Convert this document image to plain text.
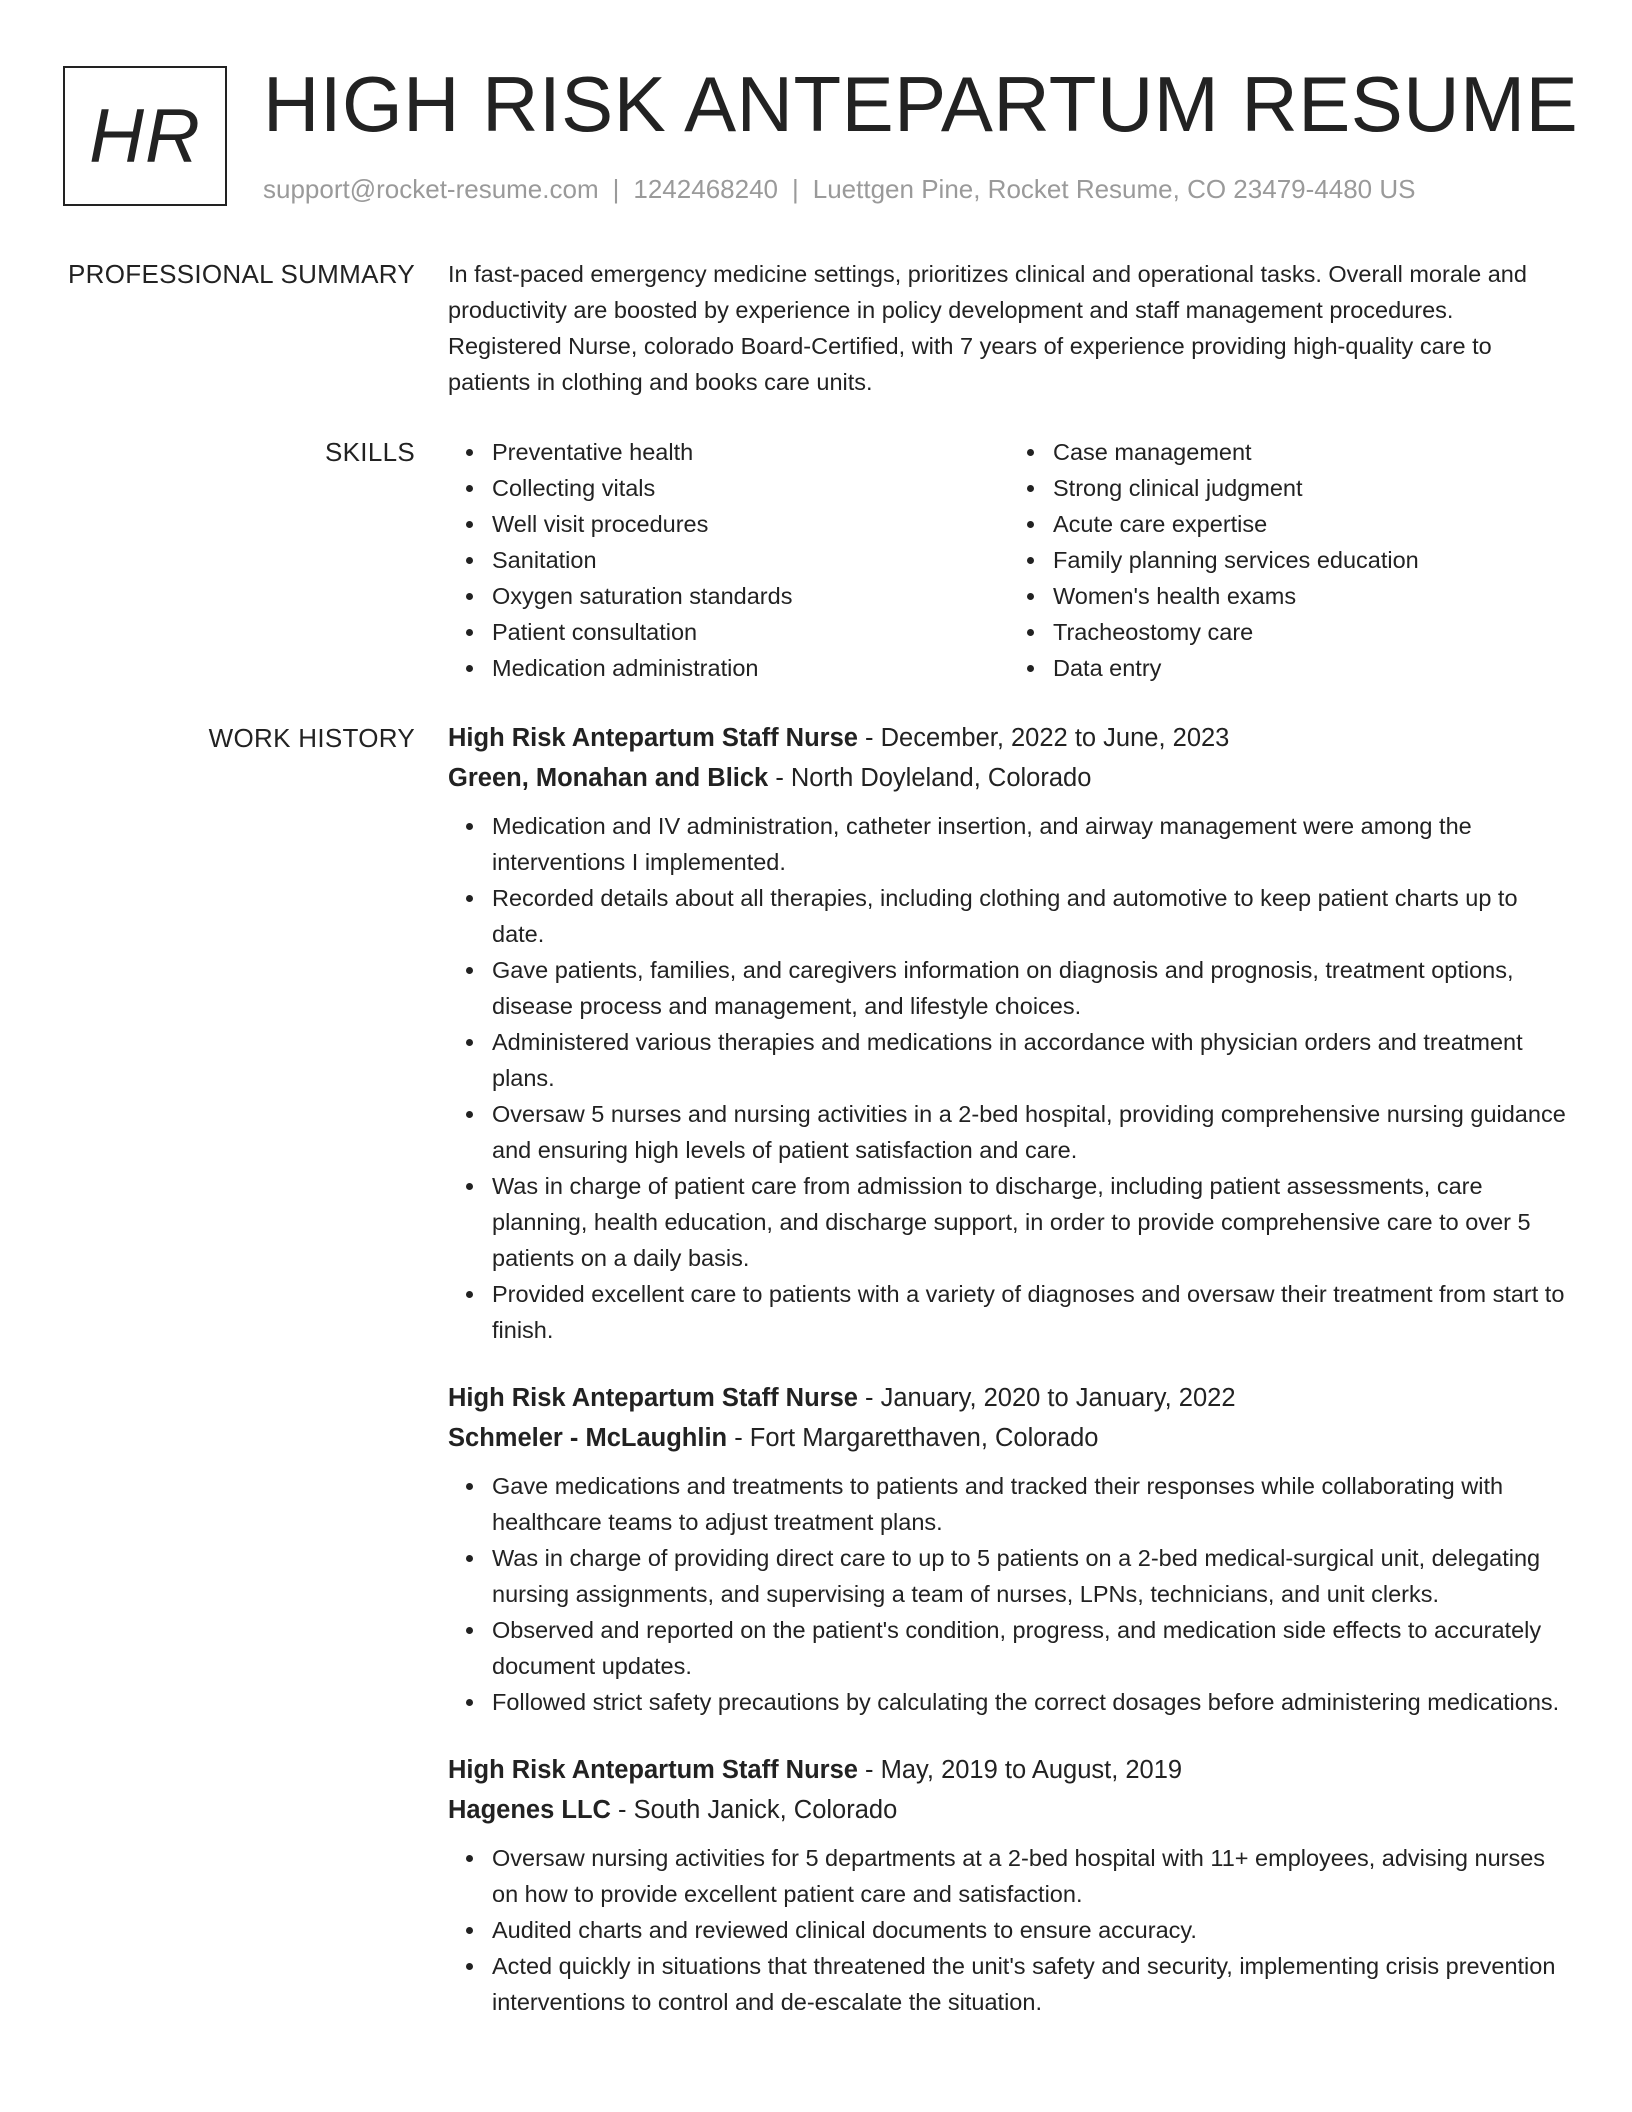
HR HIGH RISK ANTEPARTUM RESUME
support@rocket-resume.com | 1242468240 | Luettgen Pine, Rocket Resume, CO 23479-4480 US
PROFESSIONAL SUMMARY In fast-paced emergency medicine settings, prioritizes clinical and operational tasks. Overall morale and productivity are boosted by experience in policy development and staff management procedures. Registered Nurse, colorado Board-Certified, with 7 years of experience providing high-quality care to patients in clothing and books care units.

SKILLS	Preventative health
Collecting vitals
Well visit procedures
Sanitation
Oxygen saturation standards
Patient consultation
Medication administration
Case management
Strong clinical judgment
Acute care expertise
Family planning services education
Women's health exams
Tracheostomy care
Data entry
WORK HISTORY High Risk Antepartum Staff Nurse - December, 2022 to June, 2023
Green, Monahan and Blick - North Doyleland, Colorado
Medication and IV administration, catheter insertion, and airway management were among the interventions I implemented.
Recorded details about all therapies, including clothing and automotive to keep patient charts up to date.
Gave patients, families, and caregivers information on diagnosis and prognosis, treatment options, disease process and management, and lifestyle choices.
Administered various therapies and medications in accordance with physician orders and treatment plans.
Oversaw 5 nurses and nursing activities in a 2-bed hospital, providing comprehensive nursing guidance and ensuring high levels of patient satisfaction and care.
Was in charge of patient care from admission to discharge, including patient assessments, care planning, health education, and discharge support, in order to provide comprehensive care to over 5 patients on a daily basis.
Provided excellent care to patients with a variety of diagnoses and oversaw their treatment from start to finish.
High Risk Antepartum Staff Nurse - January, 2020 to January, 2022
Schmeler - McLaughlin - Fort Margaretthaven, Colorado
Gave medications and treatments to patients and tracked their responses while collaborating with healthcare teams to adjust treatment plans.
Was in charge of providing direct care to up to 5 patients on a 2-bed medical-surgical unit, delegating nursing assignments, and supervising a team of nurses, LPNs, technicians, and unit clerks.
Observed and reported on the patient's condition, progress, and medication side effects to accurately document updates.
Followed strict safety precautions by calculating the correct dosages before administering medications.
High Risk Antepartum Staff Nurse - May, 2019 to August, 2019
Hagenes LLC - South Janick, Colorado
Oversaw nursing activities for 5 departments at a 2-bed hospital with 11+ employees, advising nurses on how to provide excellent patient care and satisfaction.
Audited charts and reviewed clinical documents to ensure accuracy.
Acted quickly in situations that threatened the unit's safety and security, implementing crisis prevention interventions to control and de-escalate the situation.
